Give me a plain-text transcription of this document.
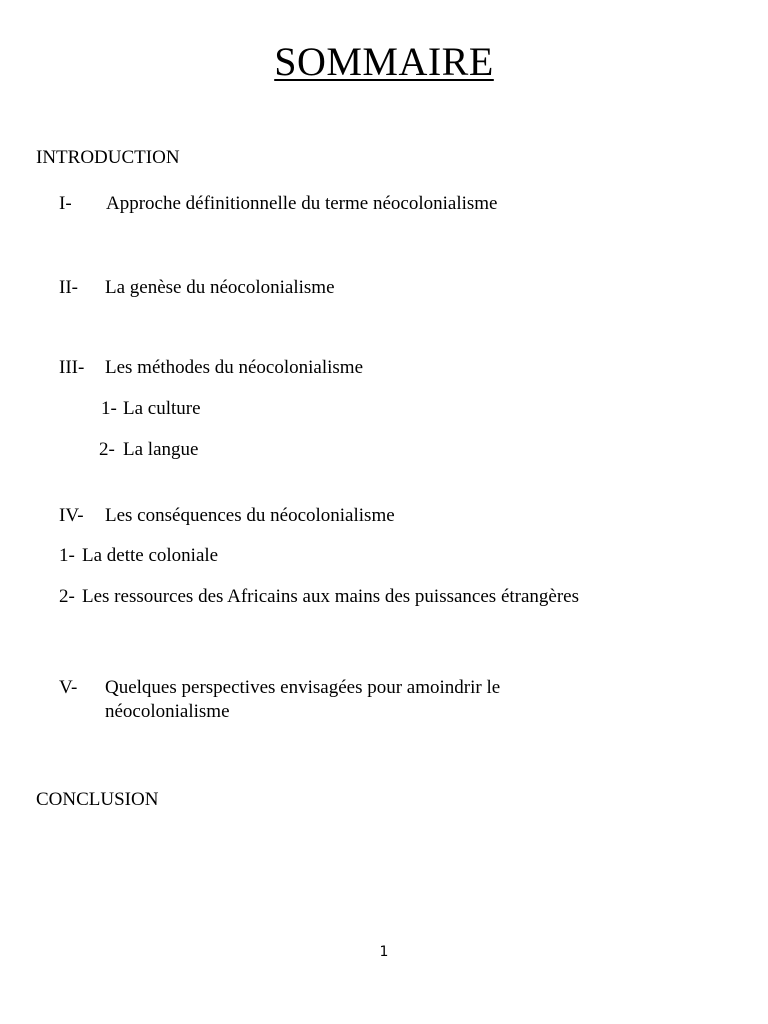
SOMMAIRE
INTRODUCTION
I- Approche définitionnelle du terme néocolonialisme
II- La genèse du néocolonialisme
III- Les méthodes du néocolonialisme
1- La culture
2- La langue
IV- Les conséquences du néocolonialisme
1- La dette coloniale
2- Les ressources des Africains aux mains des puissances étrangères
V- Quelques perspectives envisagées pour amoindrir le
néocolonialisme
CONCLUSION
1
